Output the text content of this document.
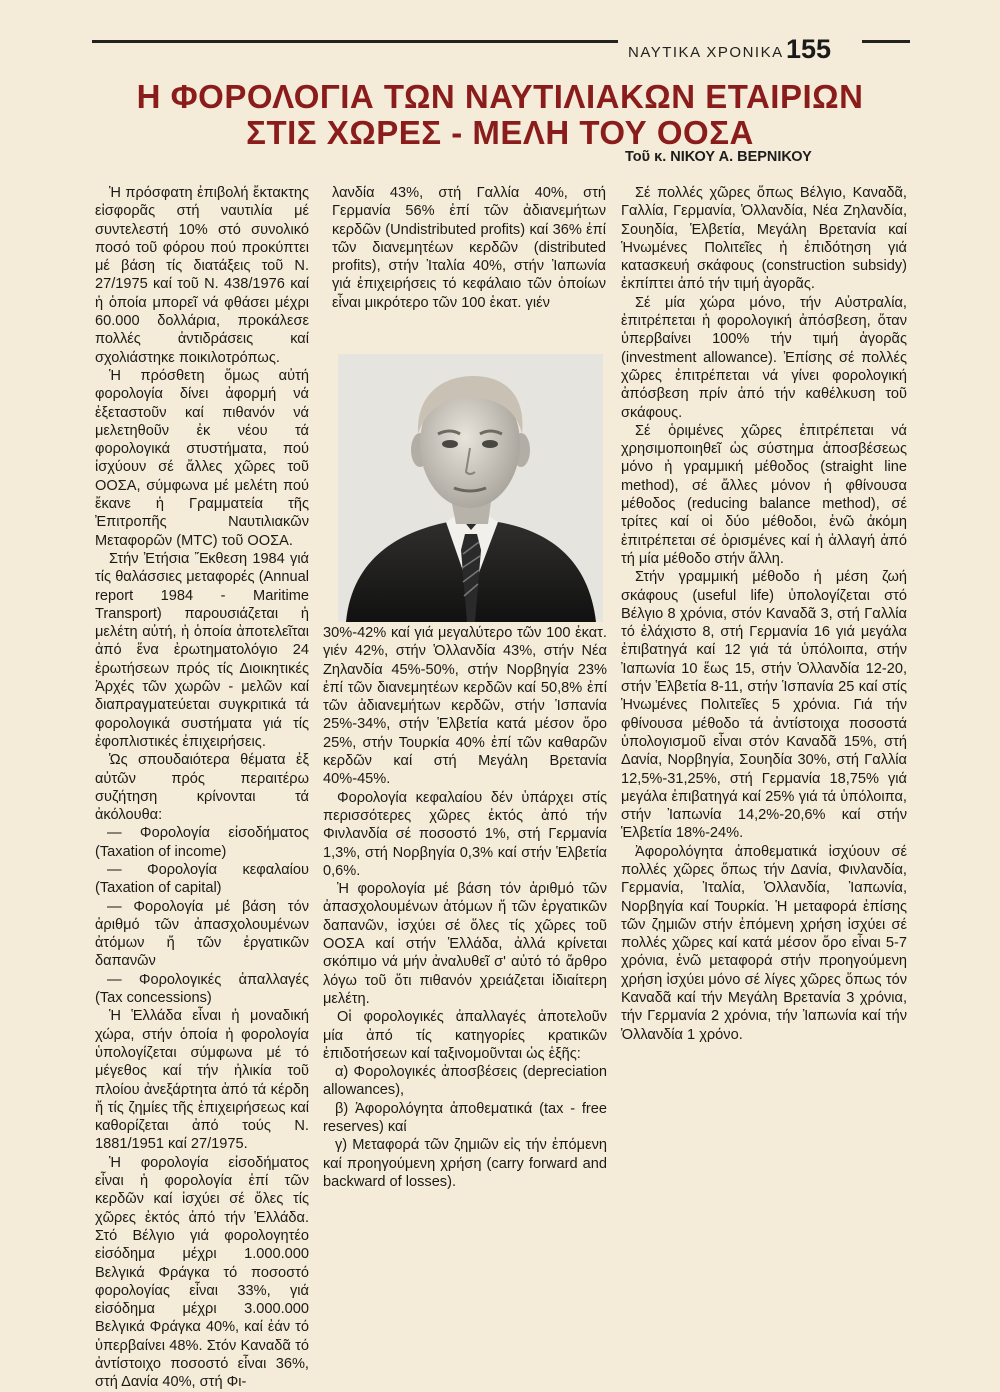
ΝΑΥΤΙΚΑ ΧΡΟΝΙΚΑ 155
Η ΦΟΡΟΛΟΓΙΑ ΤΩΝ ΝΑΥΤΙΛΙΑΚΩΝ ΕΤΑΙΡΙΩΝ
ΣΤΙΣ ΧΩΡΕΣ - ΜΕΛΗ ΤΟΥ ΟΟΣΑ
Τοῦ κ. ΝΙΚΟΥ Α. ΒΕΡΝΙΚΟΥ

Ἡ πρόσφατη ἐπιβολή ἔκτακτης εἰσφορᾶς στή ναυτιλία μέ συντελεστή 10% στό συνολικό ποσό τοῦ φόρου πού προκύπτει μέ βάση τίς διατάξεις τοῦ Ν. 27/1975 καί τοῦ Ν. 438/1976 καί ἡ ὁποία μπορεῖ νά φθάσει μέχρι 60.000 δολλάρια, προκάλεσε πολλές ἀντιδράσεις καί σχολιάστηκε ποικιλοτρόπως.

Ἡ πρόσθετη ὅμως αὐτή φορολογία δίνει ἀφορμή νά ἐξεταστοῦν καί πιθανόν νά μελετηθοῦν ἐκ νέου τά φορολογικά στυστήματα, πού ἰσχύουν σέ ἄλλες χῶρες τοῦ ΟΟΣΑ, σύμφωνα μέ μελέτη πού ἔκανε ἡ Γραμματεία τῆς Ἐπιτροπῆς Ναυτιλιακῶν Μεταφορῶν (MTC) τοῦ ΟΟΣΑ.

Στήν Ἐτήσια Ἔκθεση 1984 γιά τίς θαλάσσιες μεταφορές (Annual report 1984 - Maritime Transport) παρουσιάζεται ἡ μελέτη αὐτή, ἡ ὁποία ἀποτελεῖται ἀπό ἕνα ἐρωτηματολόγιο 24 ἐρωτήσεων πρός τίς Διοικητικές Ἀρχές τῶν χωρῶν - μελῶν καί διαπραγματεύεται συγκριτικά τά φορολογικά συστήματα γιά τίς ἐφοπλιστικές ἐπιχειρήσεις.

Ὡς σπουδαιότερα θέματα ἐξ αὐτῶν πρός περαιτέρω συζήτηση κρίνονται τά ἀκόλουθα:

— Φορολογία εἰσοδήματος (Taxation of income)

— Φορολογία κεφαλαίου (Taxation of capital)

— Φορολογία μέ βάση τόν ἀριθμό τῶν ἀπασχολουμένων ἀτόμων ἤ τῶν ἐργατικῶν δαπανῶν

— Φορολογικές ἀπαλλαγές (Tax concessions)

Ἡ Ἑλλάδα εἶναι ἡ μοναδική χώρα, στήν ὁποία ἡ φορολογία ὑπολογίζεται σύμφωνα μέ τό μέγεθος καί τήν ἡλικία τοῦ πλοίου ἀνεξάρτητα ἀπό τά κέρδη ἤ τίς ζημίες τῆς ἐπιχειρήσεως καί καθορίζεται ἀπό τούς Ν. 1881/1951 καί 27/1975.

Ἡ φορολογία εἰσοδήματος εἶναι ἡ φορολογία ἐπί τῶν κερδῶν καί ἰσχύει σέ ὅλες τίς χῶρες ἐκτός ἀπό τήν Ἑλλάδα. Στό Βέλγιο γιά φορολογητέο εἰσόδημα μέχρι 1.000.000 Βελγικά Φράγκα τό ποσοστό φορολογίας εἶναι 33%, γιά εἰσόδημα μέχρι 3.000.000 Βελγικά Φράγκα 40%, καί ἐάν τό ὑπερβαίνει 48%. Στόν Καναδᾶ τό ἀντίστοιχο ποσοστό εἶναι 36%, στή Δανία 40%, στή Φι-

λανδία 43%, στή Γαλλία 40%, στή Γερμανία 56% ἐπί τῶν ἀδιανεμήτων κερδῶν (Undistributed profits) καί 36% ἐπί τῶν διανεμητέων κερδῶν (distributed profits), στήν Ἰταλία 40%, στήν Ἰαπωνία γιά ἐπιχειρήσεις τό κεφάλαιο τῶν ὁποίων εἶναι μικρότερο τῶν 100 ἑκατ. γιέν

30%-42% καί γιά μεγαλύτερο τῶν 100 ἑκατ. γιέν 42%, στήν Ὁλλανδία 43%, στήν Νέα Ζηλανδία 45%-50%, στήν Νορβηγία 23% ἐπί τῶν διανεμητέων κερδῶν καί 50,8% ἐπί τῶν ἀδιανεμήτων κερδῶν, στήν Ἱσπανία 25%-34%, στήν Ἑλβετία κατά μέσον ὅρο 25%, στήν Τουρκία 40% ἐπί τῶν καθαρῶν κερδῶν καί στή Μεγάλη Βρετανία 40%-45%.

Φορολογία κεφαλαίου δέν ὑπάρχει στίς περισσότερες χῶρες ἐκτός ἀπό τήν Φινλανδία σέ ποσοστό 1%, στή Γερμανία 1,3%, στή Νορβηγία 0,3% καί στήν Ἑλβετία 0,6%.

Ἡ φορολογία μέ βάση τόν ἀριθμό τῶν ἀπασχολουμένων ἀτόμων ἤ τῶν ἐργατικῶν δαπανῶν, ἰσχύει σέ ὅλες τίς χῶρες τοῦ ΟΟΣΑ καί στήν Ἑλλάδα, ἀλλά κρίνεται σκόπιμο νά μήν ἀναλυθεῖ σ' αὐτό τό ἄρθρο λόγω τοῦ ὅτι πιθανόν χρειάζεται ἰδιαίτερη μελέτη.

Οἱ φορολογικές ἀπαλλαγές ἀποτελοῦν μία ἀπό τίς κατηγορίες κρατικῶν ἐπιδοτήσεων καί ταξινομοῦνται ὡς ἑξῆς:

α) Φορολογικές ἀποσβέσεις (depreciation allowances),

β) Ἀφορολόγητα ἀποθεματικά (tax - free reserves) καί

γ) Μεταφορά τῶν ζημιῶν εἰς τήν ἐπόμενη καί προηγούμενη χρήση (carry forward and backward of losses).

Σέ πολλές χῶρες ὅπως Βέλγιο, Καναδᾶ, Γαλλία, Γερμανία, Ὁλλανδία, Νέα Ζηλανδία, Σουηδία, Ἑλβετία, Μεγάλη Βρετανία καί Ἡνωμένες Πολιτεῖες ἡ ἐπιδότηση γιά κατασκευή σκάφους (construction subsidy) ἐκπίπτει ἀπό τήν τιμή ἀγορᾶς.

Σέ μία χώρα μόνο, τήν Αὐστραλία, ἐπιτρέπεται ἡ φορολογική ἀπόσβεση, ὅταν ὑπερβαίνει 100% τήν τιμή ἀγορᾶς (investment allowance). Ἐπίσης σέ πολλές χῶρες ἐπιτρέπεται νά γίνει φορολογική ἀπόσβεση πρίν ἀπό τήν καθέλκυση τοῦ σκάφους.

Σέ ὁριμένες χῶρες ἐπιτρέπεται νά χρησιμοποιηθεῖ ὡς σύστημα ἀποσβέσεως μόνο ἡ γραμμική μέθοδος (straight line method), σέ ἄλλες μόνον ἡ φθίνουσα μέθοδος (reducing balance method), σέ τρίτες καί οἱ δύο μέθοδοι, ἐνῶ ἀκόμη ἐπιτρέπεται σέ ὁρισμένες καί ἡ ἀλλαγή ἀπό τή μία μέθοδο στήν ἄλλη.

Στήν γραμμική μέθοδο ἡ μέση ζωή σκάφους (useful life) ὑπολογίζεται στό Βέλγιο 8 χρόνια, στόν Καναδᾶ 3, στή Γαλλία τό ἐλάχιστο 8, στή Γερμανία 16 γιά μεγάλα ἐπιβατηγά καί 12 γιά τά ὑπόλοιπα, στήν Ἰαπωνία 10 ἕως 15, στήν Ὁλλανδία 12-20, στήν Ἑλβετία 8-11, στήν Ἱσπανία 25 καί στίς Ἡνωμένες Πολιτεῖες 5 χρόνια. Γιά τήν φθίνουσα μέθοδο τά ἀντίστοιχα ποσοστά ὑπολογισμοῦ εἶναι στόν Καναδᾶ 15%, στή Δανία, Νορβηγία, Σουηδία 30%, στή Γαλλία 12,5%-31,25%, στή Γερμανία 18,75% γιά μεγάλα ἐπιβατηγά καί 25% γιά τά ὑπόλοιπα, στήν Ἰαπωνία 14,2%-20,6% καί στήν Ἑλβετία 18%-24%.

Ἀφορολόγητα ἀποθεματικά ἰσχύουν σέ πολλές χῶρες ὅπως τήν Δανία, Φινλανδία, Γερμανία, Ἰταλία, Ὁλλανδία, Ἰαπωνία, Νορβηγία καί Τουρκία. Ἡ μεταφορά ἐπίσης τῶν ζημιῶν στήν ἑπόμενη χρήση ἰσχύει σέ πολλές χῶρες καί κατά μέσον ὅρο εἶναι 5-7 χρόνια, ἐνῶ μεταφορά στήν προηγούμενη χρήση ἰσχύει μόνο σέ λίγες χῶρες ὅπως τόν Καναδᾶ καί τήν Μεγάλη Βρετανία 3 χρόνια, τήν Γερμανία 2 χρόνια, τήν Ἰαπωνία καί τήν Ὁλλανδία 1 χρόνο.
